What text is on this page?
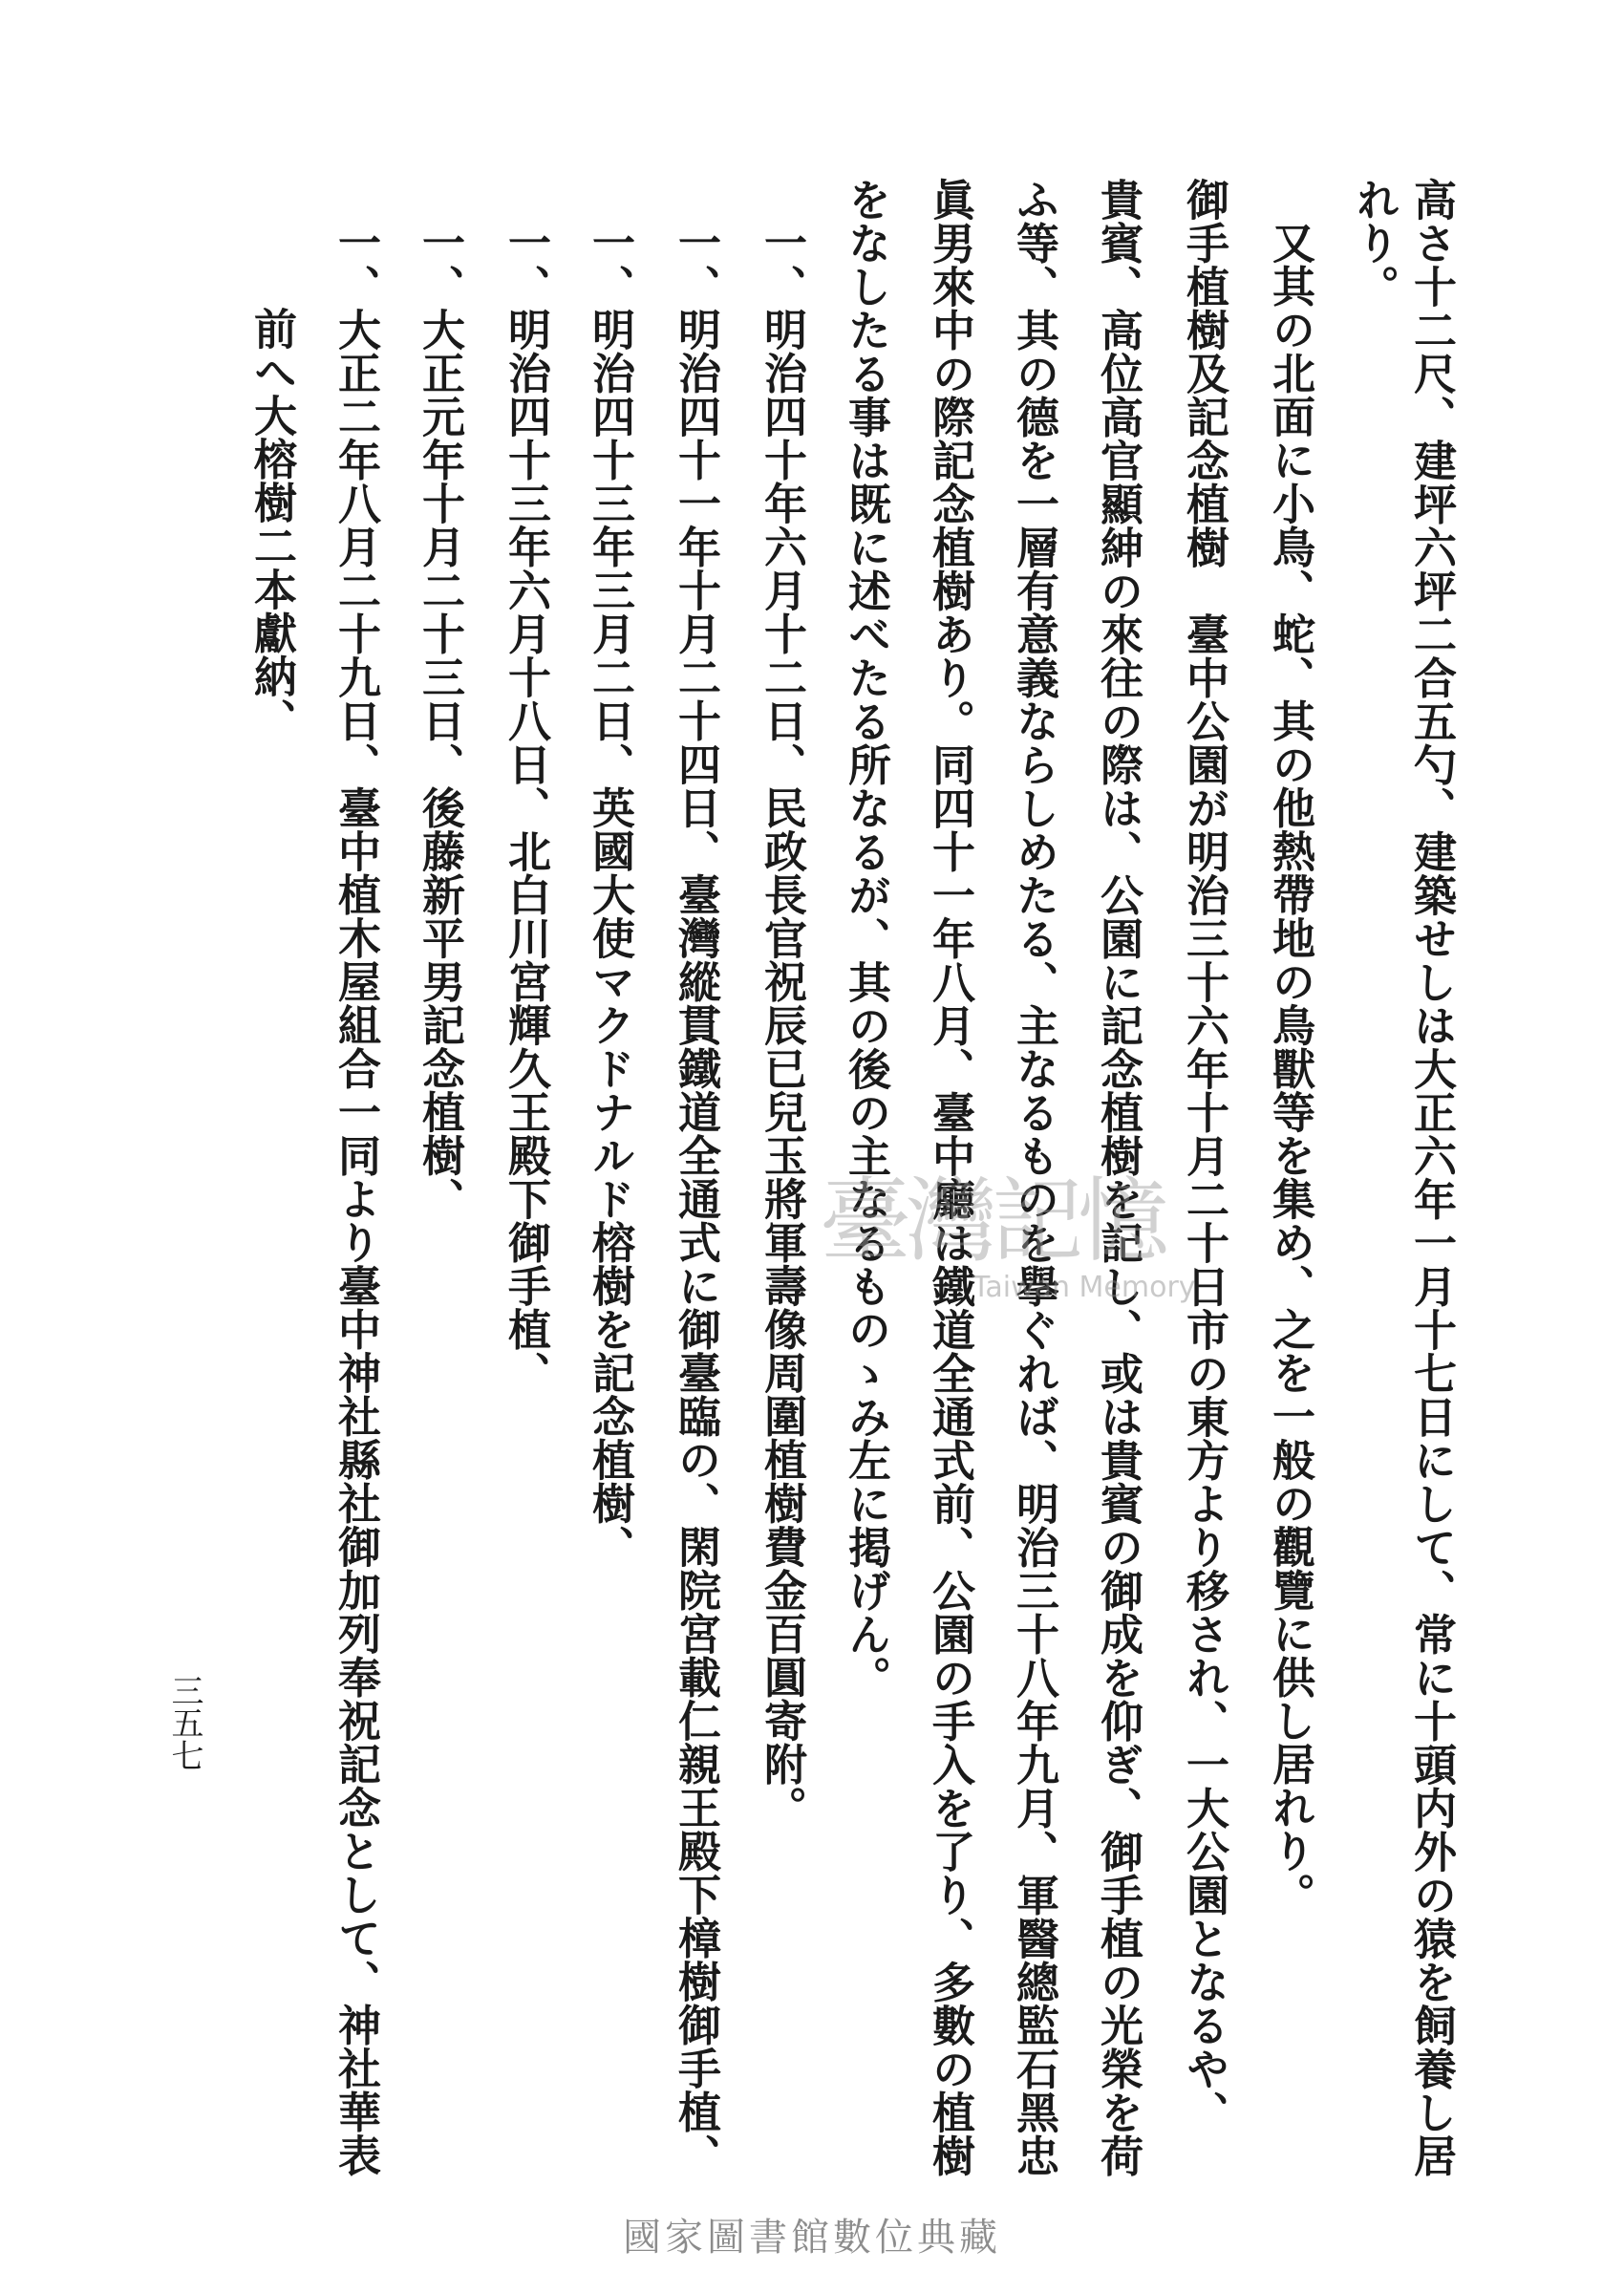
高さ十二尺、建坪六坪二合五勺、建築せしは大正六年一月十七日にして、常に十頭内外の猿を飼養し居
れり。
又其の北面に小鳥、蛇、其の他熱帶地の鳥獸等を集め、之を一般の觀覽に供し居れり。
御手植樹及記念植樹　臺中公園が明治三十六年十月二十日市の東方より移され、一大公園となるや、
貴賓、高位高官顯紳の來往の際は、公園に記念植樹を記し、或は貴賓の御成を仰ぎ、御手植の光榮を荷
ふ等、其の德を一層有意義ならしめたる、主なるものを擧ぐれば、明治三十八年九月、軍醫總監石黑忠
眞男來中の際記念植樹あり。同四十一年八月、臺中廳は鐵道全通式前、公園の手入を了り、多數の植樹
をなしたる事は既に述べたる所なるが、其の後の主なるものゝみ左に掲げん。
一、明治四十年六月十二日、民政長官祝辰已兒玉將軍壽像周圍植樹費金百圓寄附。
一、明治四十一年十月二十四日、臺灣縱貫鐵道全通式に御臺臨の、閑院宮載仁親王殿下樟樹御手植、
一、明治四十三年三月二日、英國大使マクドナルド榕樹を記念植樹、
一、明治四十三年六月十八日、北白川宮輝久王殿下御手植、
一、大正元年十月二十三日、後藤新平男記念植樹、
一、大正二年八月二十九日、臺中植木屋組合一同より臺中神社縣社御加列奉祝記念として、神社華表
前へ大榕樹二本獻納、
三五七
臺灣記憶
Taiwan Memory
國家圖書館數位典藏
